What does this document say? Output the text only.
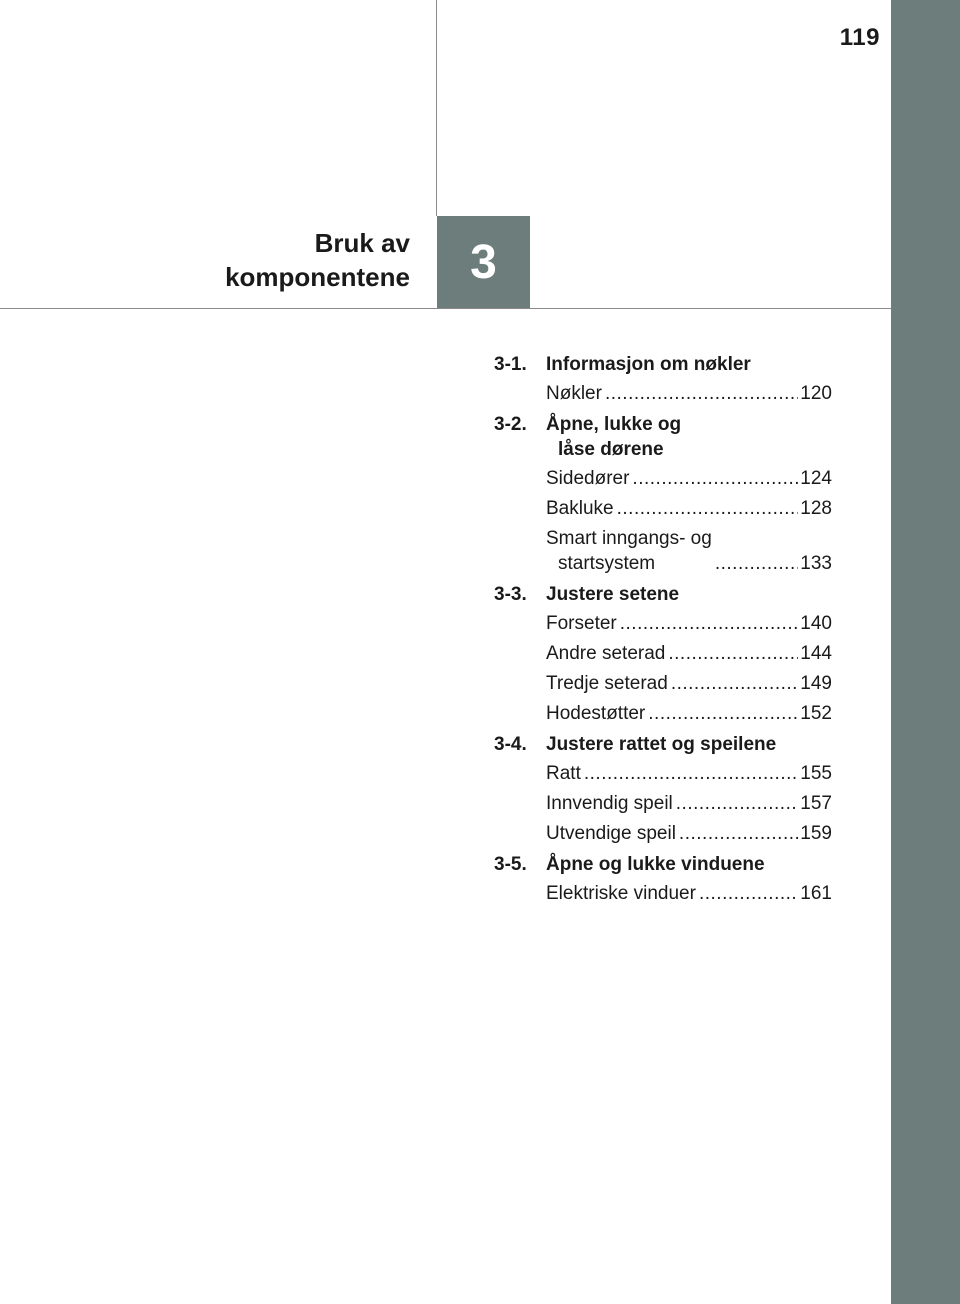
119
3
Bruk av
komponentene
3-1.	Informasjon om nøkler
Nøkler .....	120
3-2.	Åpne, lukke og
låse dørene
Sidedører .....	124
Bakluke .....	128
Smart inngangs- og
startsystem .....	133
3-3.	Justere setene
Forseter .....	140
Andre seterad .....	144
Tredje seterad .....	149
Hodestøtter .....	152
3-4.	Justere rattet og speilene
Ratt .....	155
Innvendig speil .....	157
Utvendige speil .....	159
3-5.	Åpne og lukke vinduene
Elektriske vinduer .....	161
carmanualsonline.info
